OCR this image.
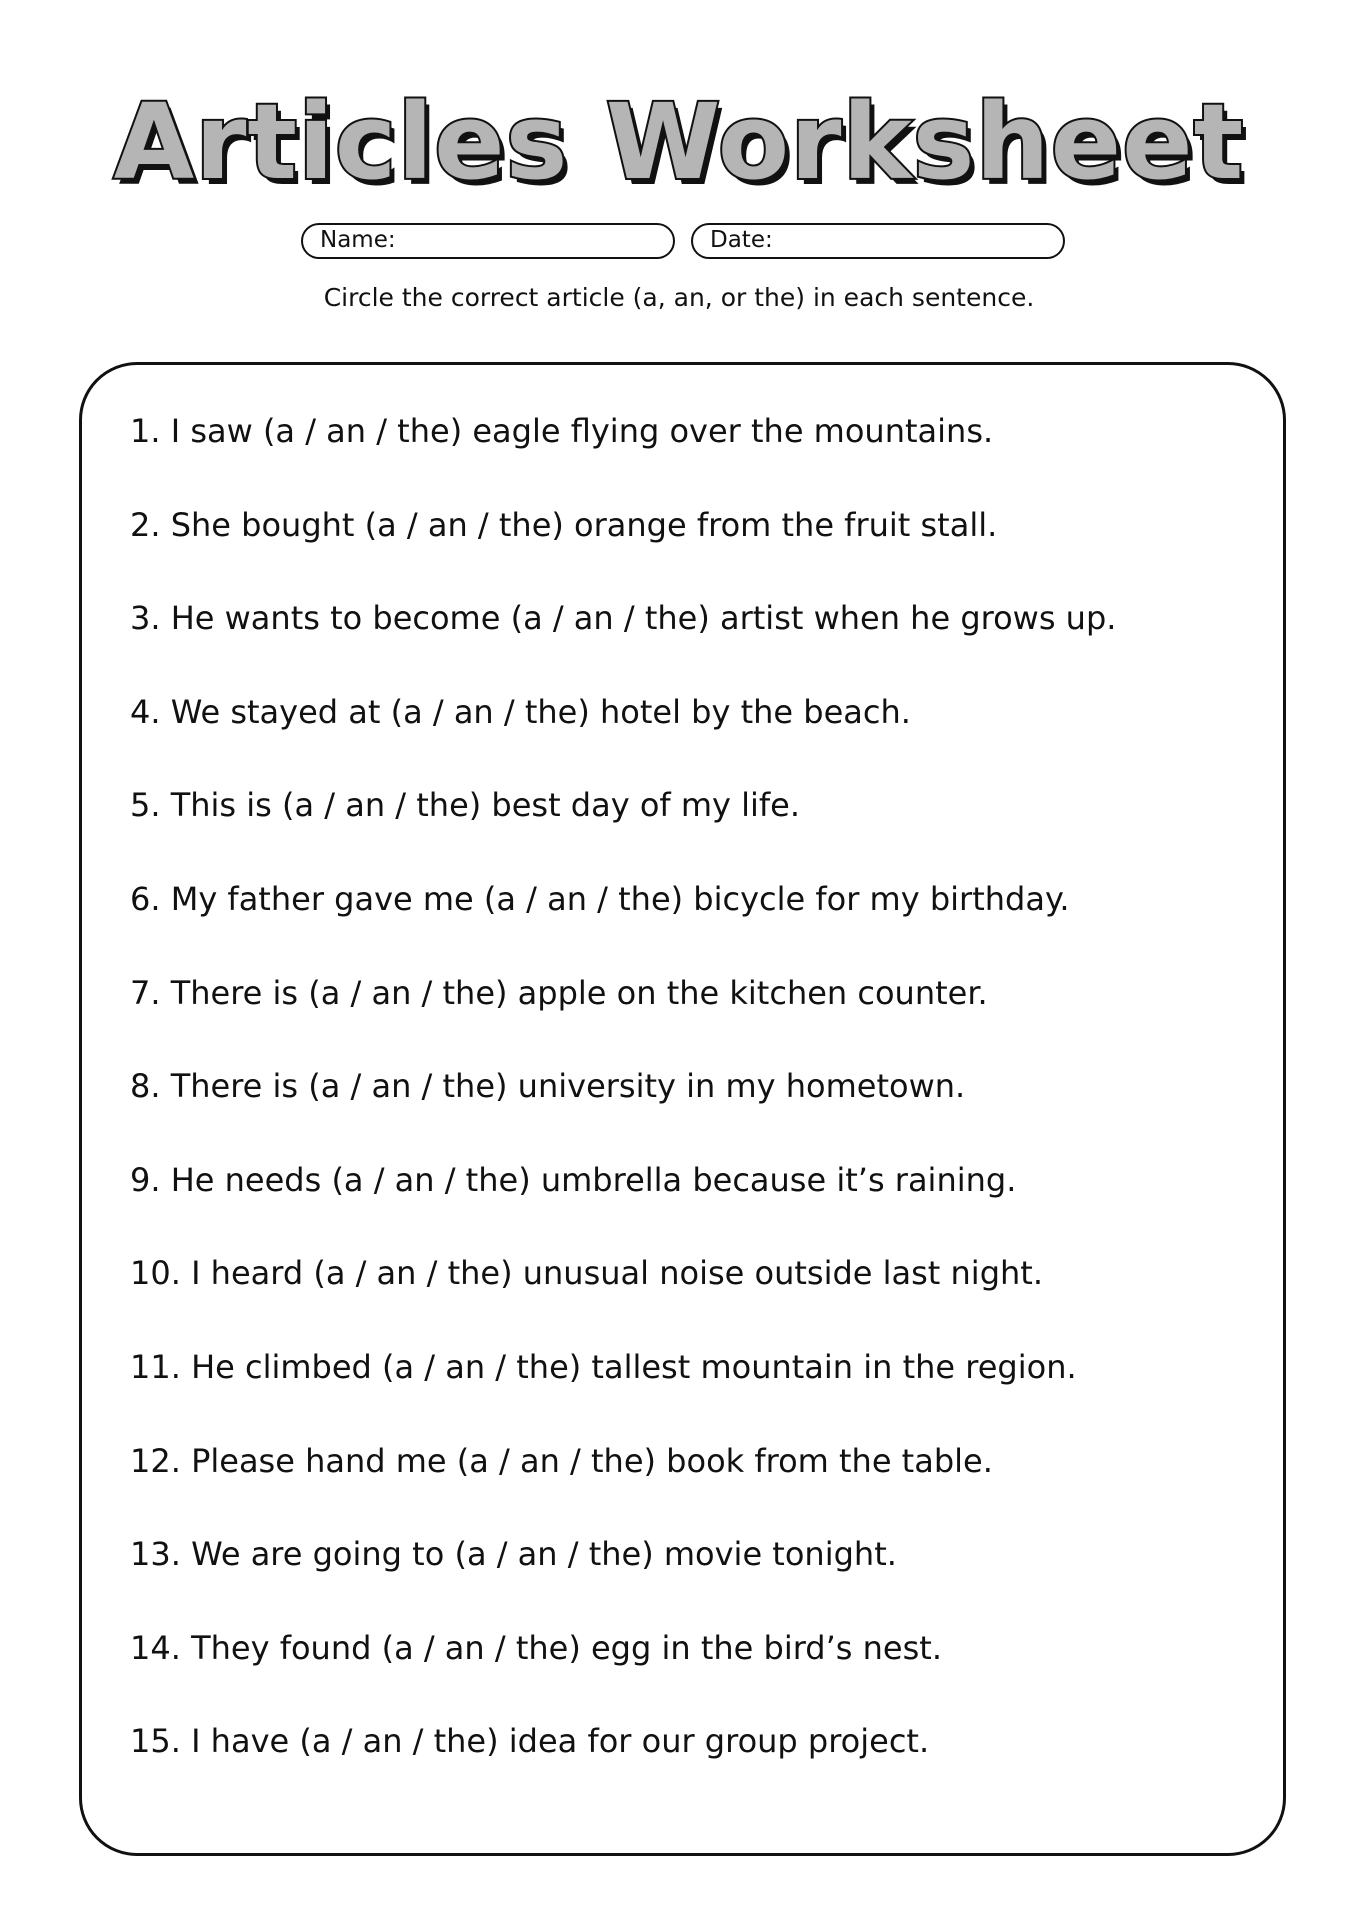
Articles Worksheet
Name:	Date:
Circle the correct article (a, an, or the) in each sentence.
1. I saw (a / an / the) eagle flying over the mountains.
2. She bought (a / an / the) orange from the fruit stall.
3. He wants to become (a / an / the) artist when he grows up.
4. We stayed at (a / an / the) hotel by the beach.
5. This is (a / an / the) best day of my life.
6. My father gave me (a / an / the) bicycle for my birthday.
7. There is (a / an / the) apple on the kitchen counter.
8. There is (a / an / the) university in my hometown.
9. He needs (a / an / the) umbrella because it’s raining.
10. I heard (a / an / the) unusual noise outside last night.
11. He climbed (a / an / the) tallest mountain in the region.
12. Please hand me (a / an / the) book from the table.
13. We are going to (a / an / the) movie tonight.
14. They found (a / an / the) egg in the bird’s nest.
15. I have (a / an / the) idea for our group project.
